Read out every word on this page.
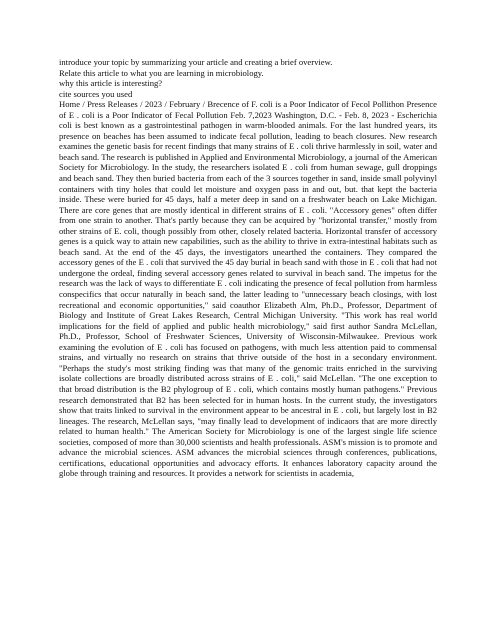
introduce your topic by summarizing your article and creating a brief overview.

Relate this article to what you are learning in microbiology.

why this article is interesting?

cite sources you used

Home / Press Releases / 2023 / February / Brecence of F. coli is a Poor Indicator of Fecol Pollithon Presence of E . coli is a Poor Indicator of Fecal Pollution Feb. 7,2023 Washington, D.C. - Feb. 8, 2023 - Escherichia coli is best known as a gastrointestinal pathogen in warm-blooded animals. For the last hundred years, its presence on beaches has been assumed to indicate fecal pollution, leading to beach closures. New research examines the genetic basis for recent findings that many strains of E . coli thrive harmlessly in soil, water and beach sand. The research is published in Applied and Environmental Microbiology, a journal of the American Society for Microbiology. In the study, the researchers isolated E . coli from human sewage, gull droppings and beach sand. They then buried bacteria from each of the 3 sources together in sand, inside small polyvinyl containers with tiny holes that could let moisture and oxygen pass in and out, but. that kept the bacteria inside. These were buried for 45 days, half a meter deep in sand on a freshwater beach on Lake Michigan. There are core genes that are mostly identical in different strains of E . coli. "Accessory genes" often differ from one strain to another. That's partly because they can be acquired by "horizontal transfer," mostly from other strains of E. coli, though possibly from other, closely related bacteria. Horizontal transfer of accessory genes is a quick way to attain new capabilities, such as the ability to thrive in extra-intestinal habitats such as beach sand. At the end of the 45 days, the investigators unearthed the containers. They compared the accessory genes of the E . coli that survived the 45 day burial in beach sand with those in E . coli that had not undergone the ordeal, finding several accessory genes related to survival in beach sand. The impetus for the research was the lack of ways to differentiate E . coli indicating the presence of fecal pollution from harmless conspecifics that occur naturally in beach sand, the latter leading to "unnecessary beach closings, with lost recreational and economic opportunities," said coauthor Elizabeth Alm, Ph.D., Professor, Department of Biology and Institute of Great Lakes Research, Central Michigan University. "This work has real world implications for the field of applied and public health microbiology," said first author Sandra McLellan, Ph.D., Professor, School of Freshwater Sciences, University of Wisconsin-Milwaukee. Previous work examining the evolution of E . coli has focused on pathogens, with much less attention paid to commensal strains, and virtually no research on strains that thrive outside of the host in a secondary environment. "Perhaps the study's most striking finding was that many of the genomic traits enriched in the surviving isolate collections are broadly distributed across strains of E . coli," said McLellan. "The one exception to that broad distribution is the B2 phylogroup of E . coli, which contains mostly human pathogens." Previous research demonstrated that B2 has been selected for in human hosts. In the current study, the investigators show that traits linked to survival in the environment appear to be ancestral in E . coli, but largely lost in B2 lineages. The research, McLellan says, "may finally lead to development of indicaors that are more directly related to human health." The American Society for Microbiology is one of the largest single life science societies, composed of more than 30,000 scientists and health professionals. ASM's mission is to promote and advance the microbial sciences. ASM advances the microbial sciences through conferences, publications, certifications, educational opportunities and advocacy efforts. It enhances laboratory capacity around the globe through training and resources. It provides a network for scientists in academia,
